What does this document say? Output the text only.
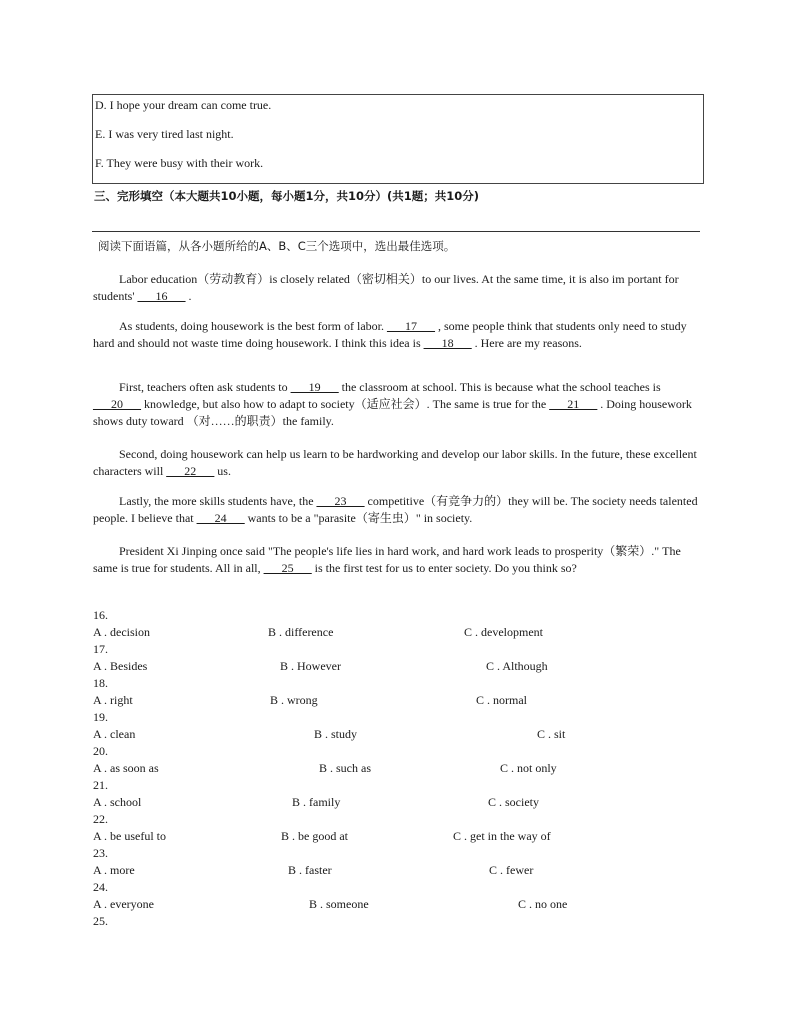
D. I hope your dream can come true.
E. I was very tired last night.
F. They were busy with their work.
三、完形填空（本大题共10小题，每小题1分，共10分）(共1题；共10分)
阅读下面语篇，从各小题所给的A、B、C三个选项中，选出最佳选项。
Labor education（劳动教育）is closely related（密切相关）to our lives. At the same time, it is also im portant for students' ___16___ .
As students, doing housework is the best form of labor. ___17___ , some people think that students only need to study hard and should not waste time doing housework. I think this idea is ___18___ . Here are my reasons.
First, teachers often ask students to ___19___ the classroom at school. This is because what the school teaches is ___20___ knowledge, but also how to adapt to society（适应社会）. The same is true for the ___21___ . Doing housework shows duty toward （对……的职责）the family.
Second, doing housework can help us learn to be hardworking and develop our labor skills. In the future, these excellent characters will ___22___ us.
Lastly, the more skills students have, the ___23___ competitive（有竞争力的）they will be. The society needs talented people. I believe that ___24___ wants to be a "parasite（寄生虫）" in society.
President Xi Jinping once said "The people's life lies in hard work, and hard work leads to prosperity（繁荣）." The same is true for students. All in all, ___25___ is the first test for us to enter society. Do you think so?
16.
A . decision	B . difference	C . development
17.
A . Besides	B . However	C . Although
18.
A . right	B . wrong	C . normal
19.
A . clean	B . study	C . sit
20.
A . as soon as	B . such as	C . not only
21.
A . school	B . family	C . society
22.
A . be useful to	B . be good at	C . get in the way of
23.
A . more	B . faster	C . fewer
24.
A . everyone	B . someone	C . no one
25.
